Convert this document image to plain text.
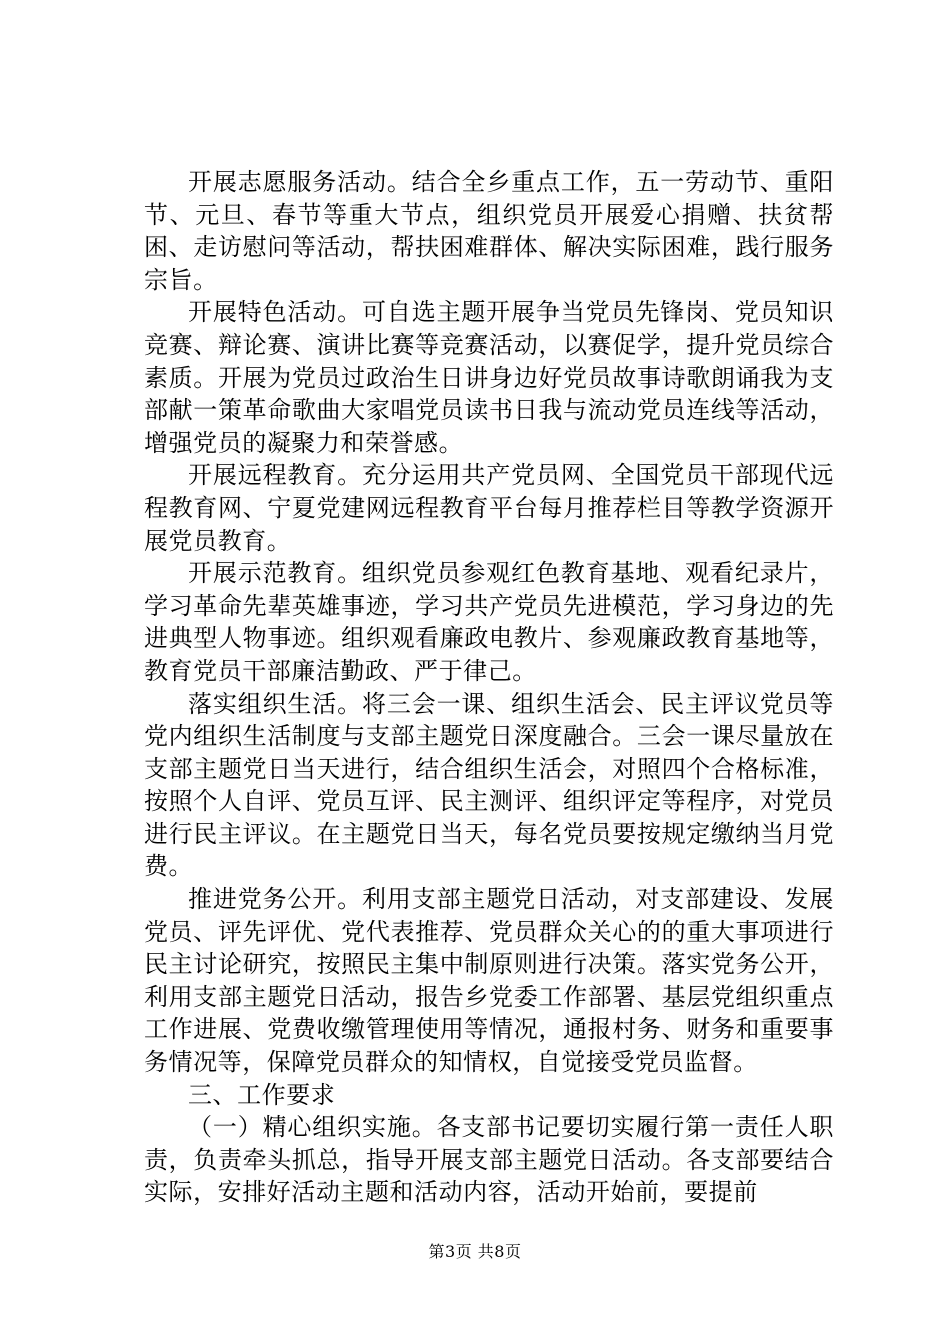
开展志愿服务活动。结合全乡重点工作，五一劳动节、重阳节、元旦、春节等重大节点，组织党员开展爱心捐赠、扶贫帮困、走访慰问等活动，帮扶困难群体、解决实际困难，践行服务宗旨。

开展特色活动。可自选主题开展争当党员先锋岗、党员知识竞赛、辩论赛、演讲比赛等竞赛活动，以赛促学，提升党员综合素质。开展为党员过政治生日讲身边好党员故事诗歌朗诵我为支部献一策革命歌曲大家唱党员读书日我与流动党员连线等活动，增强党员的凝聚力和荣誉感。

开展远程教育。充分运用共产党员网、全国党员干部现代远程教育网、宁夏党建网远程教育平台每月推荐栏目等教学资源开展党员教育。

开展示范教育。组织党员参观红色教育基地、观看纪录片，学习革命先辈英雄事迹，学习共产党员先进模范，学习身边的先进典型人物事迹。组织观看廉政电教片、参观廉政教育基地等，教育党员干部廉洁勤政、严于律己。

落实组织生活。将三会一课、组织生活会、民主评议党员等党内组织生活制度与支部主题党日深度融合。三会一课尽量放在支部主题党日当天进行，结合组织生活会，对照四个合格标准，按照个人自评、党员互评、民主测评、组织评定等程序，对党员进行民主评议。在主题党日当天，每名党员要按规定缴纳当月党费。

推进党务公开。利用支部主题党日活动，对支部建设、发展党员、评先评优、党代表推荐、党员群众关心的的重大事项进行民主讨论研究，按照民主集中制原则进行决策。落实党务公开，利用支部主题党日活动，报告乡党委工作部署、基层党组织重点工作进展、党费收缴管理使用等情况，通报村务、财务和重要事务情况等，保障党员群众的知情权，自觉接受党员监督。

三、工作要求

（一）精心组织实施。各支部书记要切实履行第一责任人职责，负责牵头抓总，指导开展支部主题党日活动。各支部要结合实际，安排好活动主题和活动内容，活动开始前，要提前

第3页 共8页
